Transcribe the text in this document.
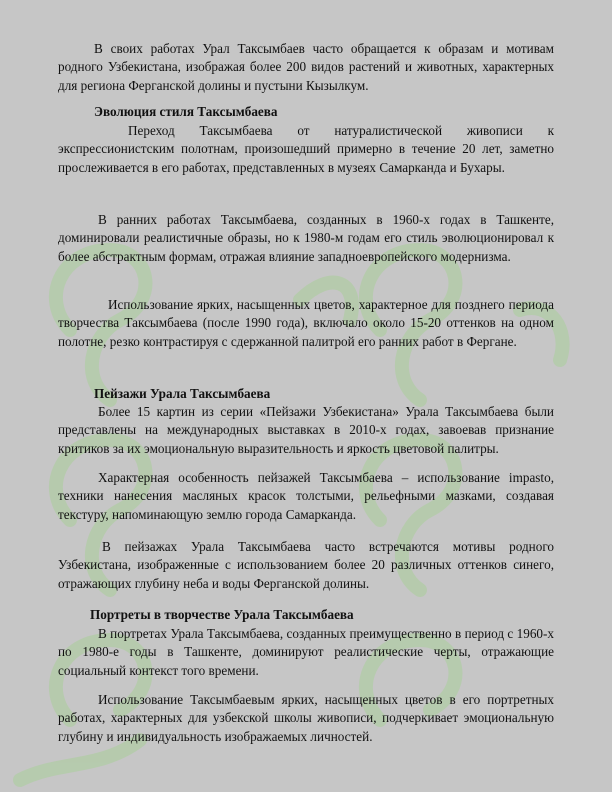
В своих работах Урал Таксымбаев часто обращается к образам и мотивам родного Узбекистана, изображая более 200 видов растений и животных, характерных для региона Ферганской долины и пустыни Кызылкум.
Эволюция стиля Таксымбаева
Переход Таксымбаева от натуралистической живописи к экспрессионистским полотнам, произошедший примерно в течение 20 лет, заметно прослеживается в его работах, представленных в музеях Самарканда и Бухары.
В ранних работах Таксымбаева, созданных в 1960-х годах в Ташкенте, доминировали реалистичные образы, но к 1980-м годам его стиль эволюционировал к более абстрактным формам, отражая влияние западноевропейского модернизма.
Использование ярких, насыщенных цветов, характерное для позднего периода творчества Таксымбаева (после 1990 года), включало около 15-20 оттенков на одном полотне, резко контрастируя с сдержанной палитрой его ранних работ в Фергане.
Пейзажи Урала Таксымбаева
Более 15 картин из серии «Пейзажи Узбекистана» Урала Таксымбаева были представлены на международных выставках в 2010-х годах, завоевав признание критиков за их эмоциональную выразительность и яркость цветовой палитры.
Характерная особенность пейзажей Таксымбаева – использование impasto, техники нанесения масляных красок толстыми, рельефными мазками, создавая текстуру, напоминающую землю города Самарканда.
В пейзажах Урала Таксымбаева часто встречаются мотивы родного Узбекистана, изображенные с использованием более 20 различных оттенков синего, отражающих глубину неба и воды Ферганской долины.
Портреты в творчестве Урала Таксымбаева
В портретах Урала Таксымбаева, созданных преимущественно в период с 1960-х по 1980-е годы в Ташкенте, доминируют реалистические черты, отражающие социальный контекст того времени.
Использование Таксымбаевым ярких, насыщенных цветов в его портретных работах, характерных для узбекской школы живописи, подчеркивает эмоциональную глубину и индивидуальность изображаемых личностей.
